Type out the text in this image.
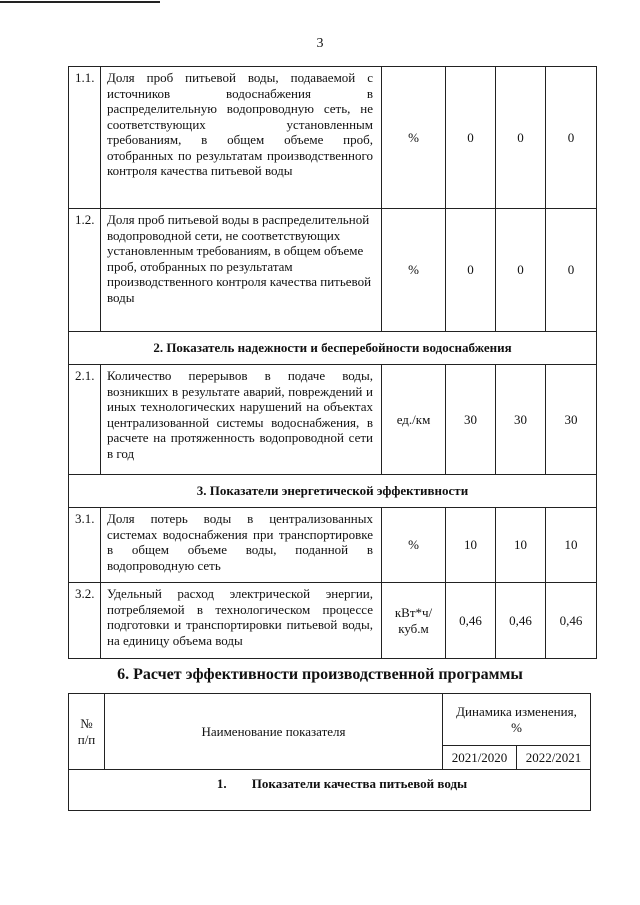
3
1.1.	Доля проб питьевой воды, подаваемой с источников водоснабжения в распределительную водопроводную сеть, не соответствующих установленным требованиям, в общем объеме проб, отобранных по результатам производственного контроля качества питьевой воды	%	0	0	0
1.2.	Доля проб питьевой воды в распределительной водопроводной сети, не соответствующих установленным требованиям, в общем объеме проб, отобранных по результатам производственного контроля качества питьевой воды	%	0	0	0
2. Показатель надежности и бесперебойности водоснабжения					
2.1.	Количество перерывов в подаче воды, возникших в результате аварий, повреждений и иных технологических нарушений на объектах централизованной системы водоснабжения, в расчете на протяженность водопроводной сети в год	ед./км	30	30	30
3. Показатели энергетической эффективности					
3.1.	Доля потерь воды в централизованных системах водоснабжения при транспортировке в общем объеме воды, поданной в водопроводную сеть	%	10	10	10
3.2.	Удельный расход электрической энергии, потребляемой в технологическом процессе подготовки и транспортировки питьевой воды, на единицу объема воды	кВт*ч/ куб.м	0,46	0,46	0,46
6. Расчет эффективности производственной программы
№ п/п	Наименование показателя	Динамика изменения, %	
		2021/2020	2022/2021
1. Показатели качества питьевой воды			
